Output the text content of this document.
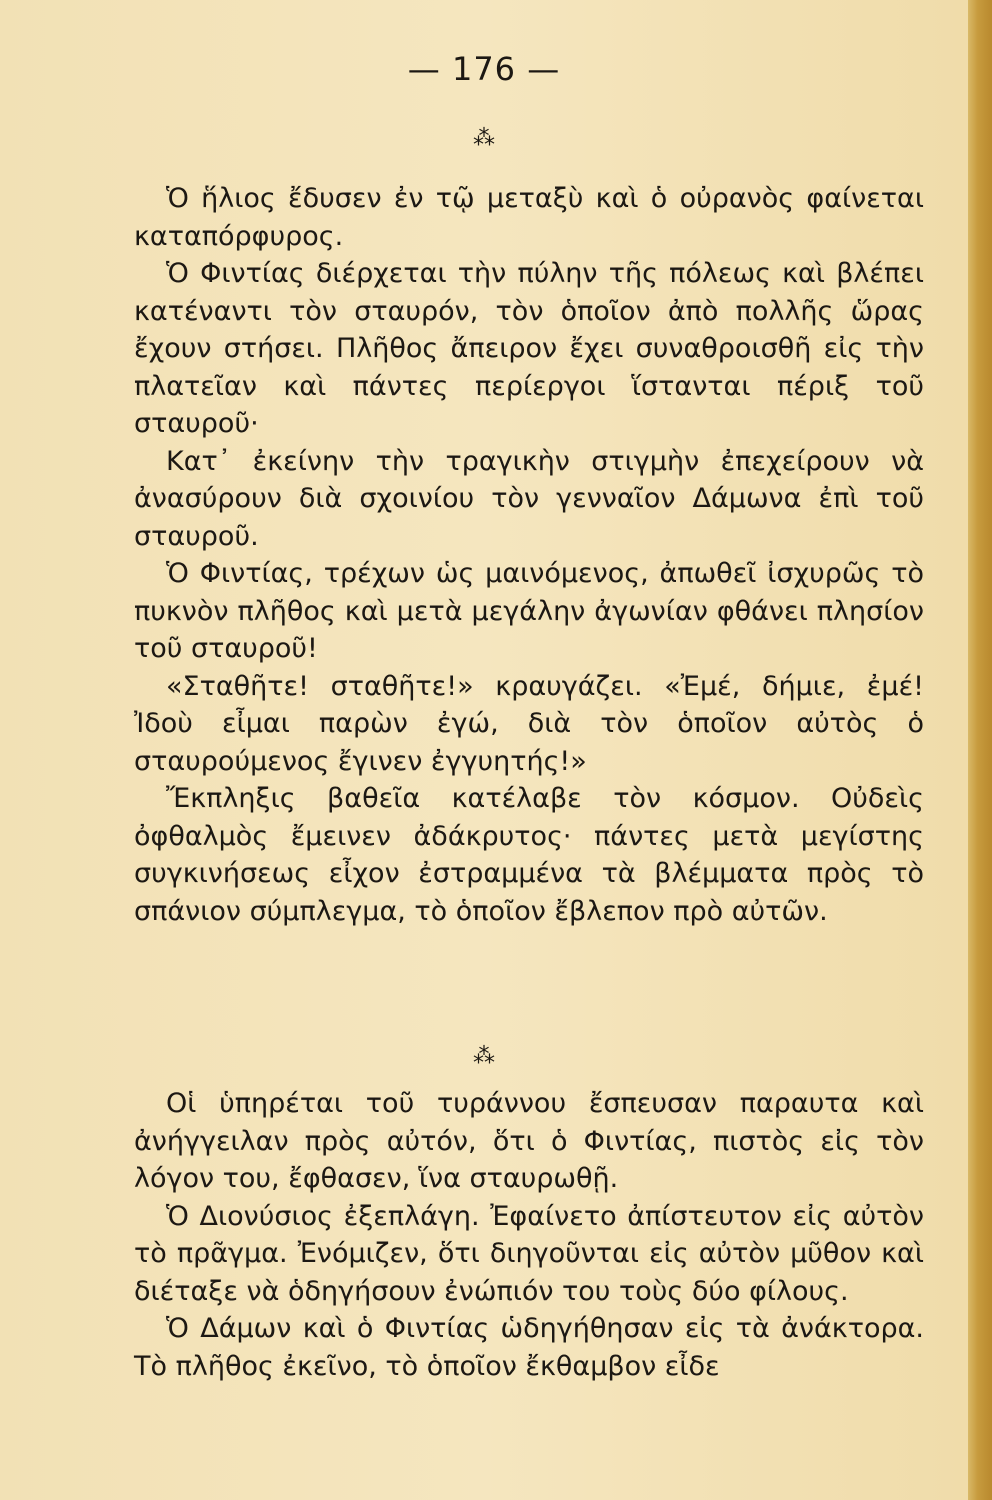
— 176 —
⁂

Ὁ ἥλιος ἔδυσεν ἐν τῷ μεταξὺ καὶ ὁ οὐρανὸς φαίνεται καταπόρφυρος.

Ὁ Φιντίας διέρχεται τὴν πύλην τῆς πόλεως καὶ βλέπει κατέναντι τὸν σταυρόν, τὸν ὁποῖον ἀπὸ πολλῆς ὥρας ἔχουν στήσει. Πλῆθος ἄπειρον ἔχει συναθροισθῆ εἰς τὴν πλατεῖαν καὶ πάντες περίεργοι ἵστανται πέριξ τοῦ σταυροῦ·

Κατ᾽ ἐκείνην τὴν τραγικὴν στιγμὴν ἐπεχείρουν νὰ ἀνασύρουν διὰ σχοινίου τὸν γενναῖον Δάμωνα ἐπὶ τοῦ σταυροῦ.

Ὁ Φιντίας, τρέχων ὡς μαινόμενος, ἀπωθεῖ ἰσχυρῶς τὸ πυκνὸν πλῆθος καὶ μετὰ μεγάλην ἀγωνίαν φθάνει πλησίον τοῦ σταυροῦ!

«Σταθῆτε! σταθῆτε!» κραυγάζει. «Ἐμέ, δήμιε, ἐμέ! Ἰδοὺ εἶμαι παρὼν ἐγώ, διὰ τὸν ὁποῖον αὐτὸς ὁ σταυρούμενος ἔγινεν ἐγγυητής!»

Ἔκπληξις βαθεῖα κατέλαβε τὸν κόσμον. Οὐδεὶς ὀφθαλμὸς ἔμεινεν ἀδάκρυτος· πάντες μετὰ μεγίστης συγκινήσεως εἶχον ἐστραμμένα τὰ βλέμματα πρὸς τὸ σπάνιον σύμπλεγμα, τὸ ὁποῖον ἔβλεπον πρὸ αὐτῶν.

⁂

Οἱ ὑπηρέται τοῦ τυράννου ἔσπευσαν παραυτα καὶ ἀνήγγειλαν πρὸς αὐτόν, ὅτι ὁ Φιντίας, πιστὸς εἰς τὸν λόγον του, ἔφθασεν, ἵνα σταυρωθῇ.

Ὁ Διονύσιος ἐξεπλάγη. Ἐφαίνετο ἀπίστευτον εἰς αὐτὸν τὸ πρᾶγμα. Ἐνόμιζεν, ὅτι διηγοῦνται εἰς αὐτὸν μῦθον καὶ διέταξε νὰ ὁδηγήσουν ἐνώπιόν του τοὺς δύο φίλους.

Ὁ Δάμων καὶ ὁ Φιντίας ὡδηγήθησαν εἰς τὰ ἀνάκτορα. Τὸ πλῆθος ἐκεῖνο, τὸ ὁποῖον ἔκθαμβον εἶδε
